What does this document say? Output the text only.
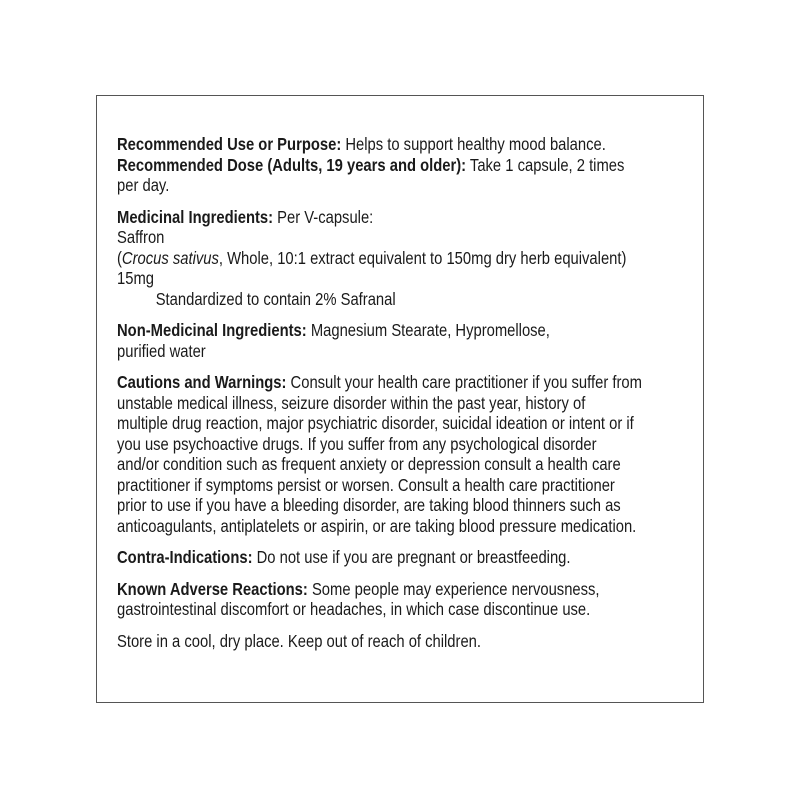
Recommended Use or Purpose: Helps to support healthy mood balance.
Recommended Dose (Adults, 19 years and older): Take 1 capsule, 2 times
per day.
Medicinal Ingredients: Per V-capsule:
Saffron
(Crocus sativus, Whole, 10:1 extract equivalent to 150mg dry herb equivalent)
15mg
Standardized to contain 2% Safranal
Non-Medicinal Ingredients: Magnesium Stearate, Hypromellose,
purified water
Cautions and Warnings: Consult your health care practitioner if you suffer from
unstable medical illness, seizure disorder within the past year, history of
multiple drug reaction, major psychiatric disorder, suicidal ideation or intent or if
you use psychoactive drugs. If you suffer from any psychological disorder
and/or condition such as frequent anxiety or depression consult a health care
practitioner if symptoms persist or worsen. Consult a health care practitioner
prior to use if you have a bleeding disorder, are taking blood thinners such as
anticoagulants, antiplatelets or aspirin, or are taking blood pressure medication.
Contra-Indications: Do not use if you are pregnant or breastfeeding.
Known Adverse Reactions: Some people may experience nervousness,
gastrointestinal discomfort or headaches, in which case discontinue use.
Store in a cool, dry place. Keep out of reach of children.
